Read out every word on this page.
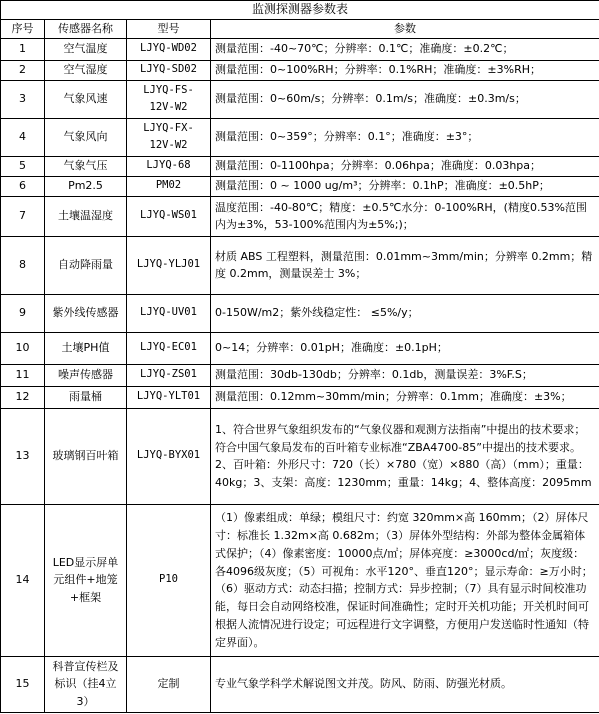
监测探测器参数表			
序号	传感器名称	型号	参数
1	空气温度	LJYQ-WD02	测量范围：-40~70℃；分辨率：0.1℃；准确度：±0.2℃；
2	空气湿度	LJYQ-SD02	测量范围：0~100%RH；分辨率：0.1%RH；准确度：±3%RH；
3	气象风速	LJYQ-FS-12V-W2	测量范围：0~60m/s；分辨率：0.1m/s；准确度：±0.3m/s；
4	气象风向	LJYQ-FX-12V-W2	测量范围：0~359°；分辨率：0.1°；准确度：±3°；
5	气象气压	LJYQ-68	测量范围：0-1100hpa；分辨率：0.06hpa；准确度：0.03hpa；
6	Pm2.5	PM02	测量范围：0 ~ 1000 ug/m³；分辨率：0.1hP；准确度：±0.5hP；
7	土壤温湿度	LJYQ-WS01	温度范围：-40-80℃；精度：±0.5℃水分：0-100%RH，(精度0.53%范围内为±3%，53-100%范围内为±5%;)；
8	自动降雨量	LJYQ-YLJ01	材质 ABS 工程塑料，测量范围：0.01mm~3mm/min；分辨率 0.2mm；精度 0.2mm，测量误差士 3%；
9	紫外线传感器	LJYQ-UV01	0-150W/m2；紫外线稳定性： ≤5%/y；
10	土壤PH值	LJYQ-EC01	0~14；分辨率：0.01pH；准确度：±0.1pH；
11	噪声传感器	LJYQ-ZS01	测量范围：30db-130db；分辨率：0.1db，测量误差：3%F.S；
12	雨量桶	LJYQ-YLT01	测量范围：0.12mm~30mm/min；分辨率：0.1mm；准确度：±3%；
13	玻璃钢百叶箱	LJYQ-BYX01	1、符合世界气象组织发布的“气象仪器和观测方法指南”中提出的技术要求；符合中国气象局发布的百叶箱专业标准“ZBA4700-85”中提出的技术要求。 2、百叶箱：外形尺寸：720（长）×780（宽）×880（高）（mm）；重量：40kg；3、支架：高度：1230mm；重量：14kg；4、整体高度：2095mm
14	LED显示屏单元组件+地笼+框架	P10	（1）像素组成：单绿；模组尺寸：约宽 320mm×高 160mm；（2）屏体尺寸：标准长 1.32m×高 0.682m；（3）屏体外型结构：外部为整体金属箱体式保护；（4）像素密度：10000点/㎡；屏体亮度：≥3000cd/㎡；灰度级：各4096级灰度；（5）可视角：水平120°、垂直120°；显示寿命：≥万小时；（6）驱动方式：动态扫描；控制方式：异步控制；（7）具有显示时间校准功能，每日会自动网络校准，保证时间准确性；定时开关机功能；开关机时间可根据人流情况进行设定；可远程进行文字调整，方便用户发送临时性通知（特定界面）。
15	科普宣传栏及标识（挂4立3）	定制	专业气象学科学术解说图文并茂。防风、防雨、防强光材质。
